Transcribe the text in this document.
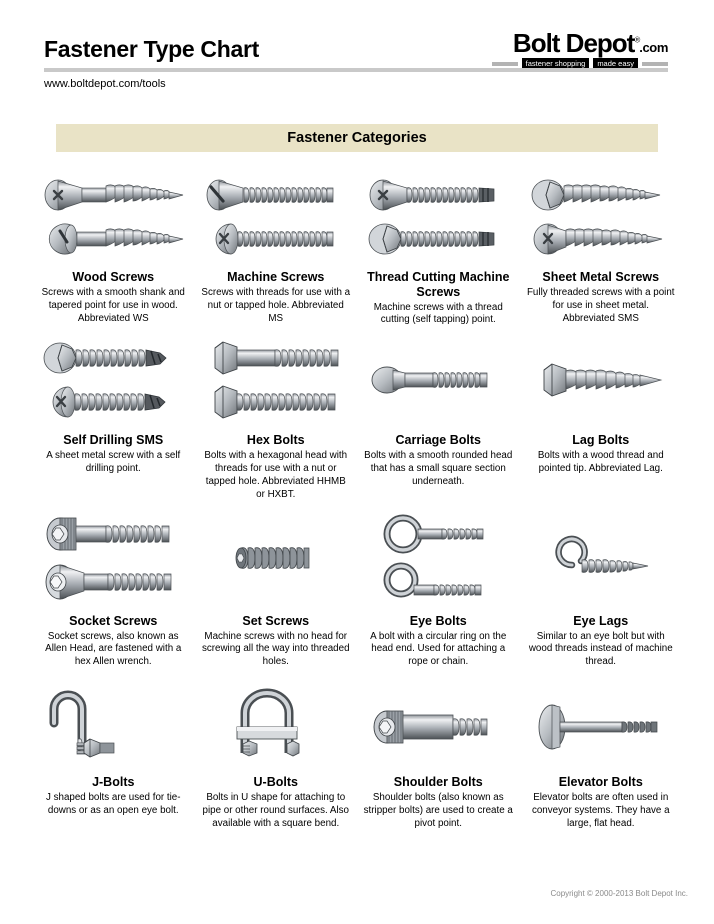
Fastener Type Chart	Bolt Depot®.com
fastener shopping	made easy
www.boltdepot.com/tools
Fastener Categories
Wood Screws
Screws with a smooth shank and tapered point for use in wood. Abbreviated WS
Machine Screws
Screws with threads for use with a nut or tapped hole. Abbreviated MS
Thread Cutting Machine Screws
Machine screws with a thread cutting (self tapping) point.
Sheet Metal Screws
Fully threaded screws with a point for use in sheet metal. Abbreviated SMS
Self Drilling SMS
A sheet metal screw with a self drilling point.
Hex Bolts
Bolts with a hexagonal head with threads for use with a nut or tapped hole. Abbreviated HHMB or HXBT.
Carriage Bolts
Bolts with a smooth rounded head that has a small square section underneath.
Lag Bolts
Bolts with a wood thread and pointed tip. Abbreviated Lag.
Socket Screws
Socket screws, also known as Allen Head, are fastened with a hex Allen wrench.
Set Screws
Machine screws with no head for screwing all the way into threaded holes.
Eye Bolts
A bolt with a circular ring on the head end. Used for attaching a rope or chain.
Eye Lags
Similar to an eye bolt but with wood threads instead of machine thread.
J-Bolts
J shaped bolts are used for tie-downs or as an open eye bolt.
U-Bolts
Bolts in U shape for attaching to pipe or other round surfaces. Also available with a square bend.
Shoulder Bolts
Shoulder bolts (also known as stripper bolts) are used to create a pivot point.
Elevator Bolts
Elevator bolts are often used in conveyor systems. They have a large, flat head.
Copyright © 2000-2013 Bolt Depot Inc.
